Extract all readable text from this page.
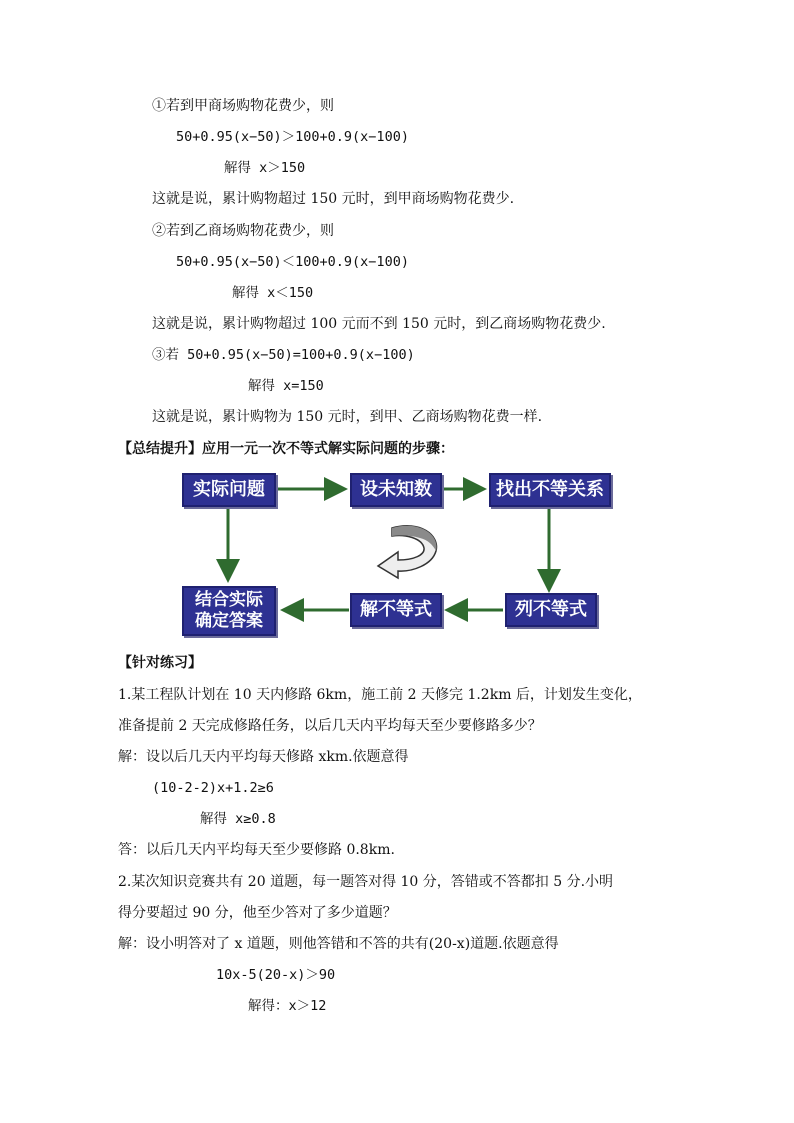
①若到甲商场购物花费少，则
50+0.95(x−50)＞100+0.9(x−100)
解得 x＞150
这就是说，累计购物超过 150 元时，到甲商场购物花费少.
②若到乙商场购物花费少，则
50+0.95(x−50)＜100+0.9(x−100)
解得 x＜150
这就是说，累计购物超过 100 元而不到 150 元时，到乙商场购物花费少.
③若 50+0.95(x−50)=100+0.9(x−100)
解得 x=150
这就是说，累计购物为 150 元时，到甲、乙商场购物花费一样.
【总结提升】应用一元一次不等式解实际问题的步骤：
实际问题	设未知数	找出不等关系
列不等式
解不等式
结合实际
确定答案
【针对练习】
1.某工程队计划在 10 天内修路 6km，施工前 2 天修完 1.2km 后，计划发生变化，
准备提前 2 天完成修路任务，以后几天内平均每天至少要修路多少？
解：设以后几天内平均每天修路 xkm.依题意得
(10-2-2)x+1.2≥6
解得 x≥0.8
答：以后几天内平均每天至少要修路 0.8km.
2.某次知识竞赛共有 20 道题，每一题答对得 10 分，答错或不答都扣 5 分.小明
得分要超过 90 分，他至少答对了多少道题？
解：设小明答对了 x 道题，则他答错和不答的共有(20-x)道题.依题意得
10x-5(20-x)＞90
解得：x＞12
